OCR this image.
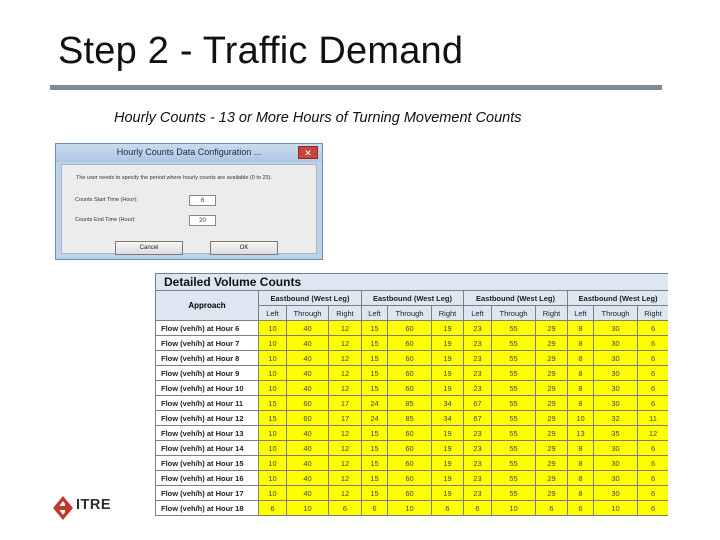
Step 2 - Traffic Demand
Hourly Counts - 13 or More Hours of Turning Movement Counts
Hourly Counts Data Configuration ...	✕
The user needs to specify the period where hourly counts are available (0 to 23).
Counts Start Time (Hour):	6
Counts End Time (Hour):	20
Cancel	OK
ITRE
Detailed Volume Counts												
Approach	Eastbound (West Leg)			Eastbound (West Leg)			Eastbound (West Leg)			Eastbound (West Leg)		
	Left	Through	Right	Left	Through	Right	Left	Through	Right	Left	Through	Right
Flow (veh/h) at Hour 6	10	40	12	15	60	19	23	55	29	8	30	6
Flow (veh/h) at Hour 7	10	40	12	15	60	19	23	55	29	8	30	6
Flow (veh/h) at Hour 8	10	40	12	15	60	19	23	55	29	8	30	6
Flow (veh/h) at Hour 9	10	40	12	15	60	19	23	55	29	8	30	6
Flow (veh/h) at Hour 10	10	40	12	15	60	19	23	55	29	8	30	6
Flow (veh/h) at Hour 11	15	60	17	24	85	34	67	55	29	8	30	6
Flow (veh/h) at Hour 12	15	60	17	24	85	34	67	55	29	10	32	11
Flow (veh/h) at Hour 13	10	40	12	15	60	19	23	55	29	13	35	12
Flow (veh/h) at Hour 14	10	40	12	15	60	19	23	55	29	8	30	6
Flow (veh/h) at Hour 15	10	40	12	15	60	19	23	55	29	8	30	6
Flow (veh/h) at Hour 16	10	40	12	15	60	19	23	55	29	8	30	6
Flow (veh/h) at Hour 17	10	40	12	15	60	19	23	55	29	8	30	6
Flow (veh/h) at Hour 18	6	10	6	6	10	6	6	10	6	6	10	6
